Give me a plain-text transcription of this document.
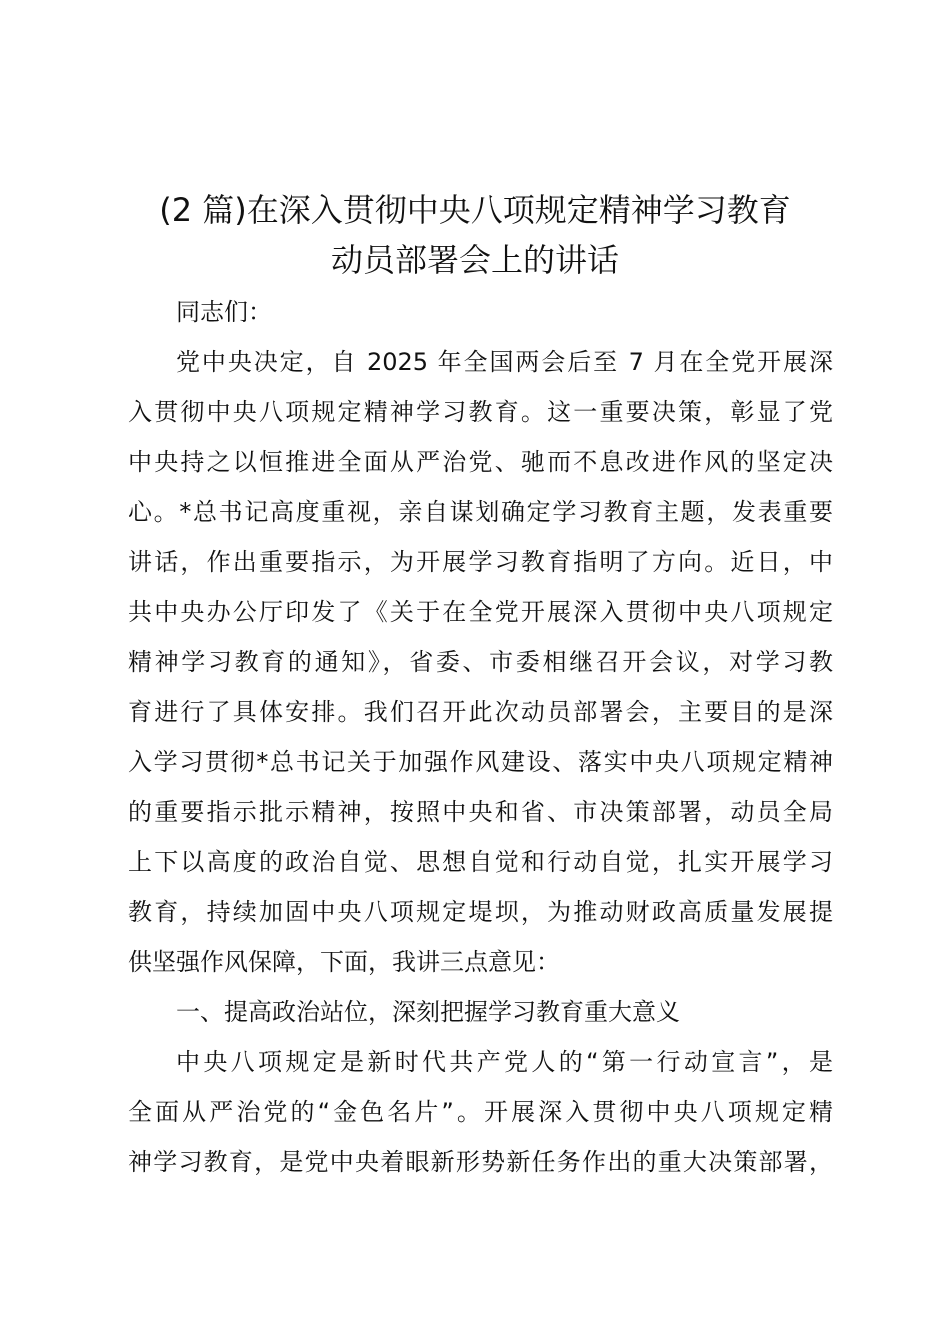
(2 篇)在深入贯彻中央八项规定精神学习教育
动员部署会上的讲话

同志们：

党中央决定，自 2025 年全国两会后至 7 月在全党开展深
入贯彻中央八项规定精神学习教育。这一重要决策，彰显了党
中央持之以恒推进全面从严治党、驰而不息改进作风的坚定决
心。*总书记高度重视，亲自谋划确定学习教育主题，发表重要
讲话，作出重要指示，为开展学习教育指明了方向。近日，中
共中央办公厅印发了《关于在全党开展深入贯彻中央八项规定
精神学习教育的通知》，省委、市委相继召开会议，对学习教
育进行了具体安排。我们召开此次动员部署会，主要目的是深
入学习贯彻*总书记关于加强作风建设、落实中央八项规定精神
的重要指示批示精神，按照中央和省、市决策部署，动员全局
上下以高度的政治自觉、思想自觉和行动自觉，扎实开展学习
教育，持续加固中央八项规定堤坝，为推动财政高质量发展提
供坚强作风保障，下面，我讲三点意见：

一、提高政治站位，深刻把握学习教育重大意义

中央八项规定是新时代共产党人的“第一行动宣言”，是
全面从严治党的“金色名片”。开展深入贯彻中央八项规定精
神学习教育，是党中央着眼新形势新任务作出的重大决策部署，
